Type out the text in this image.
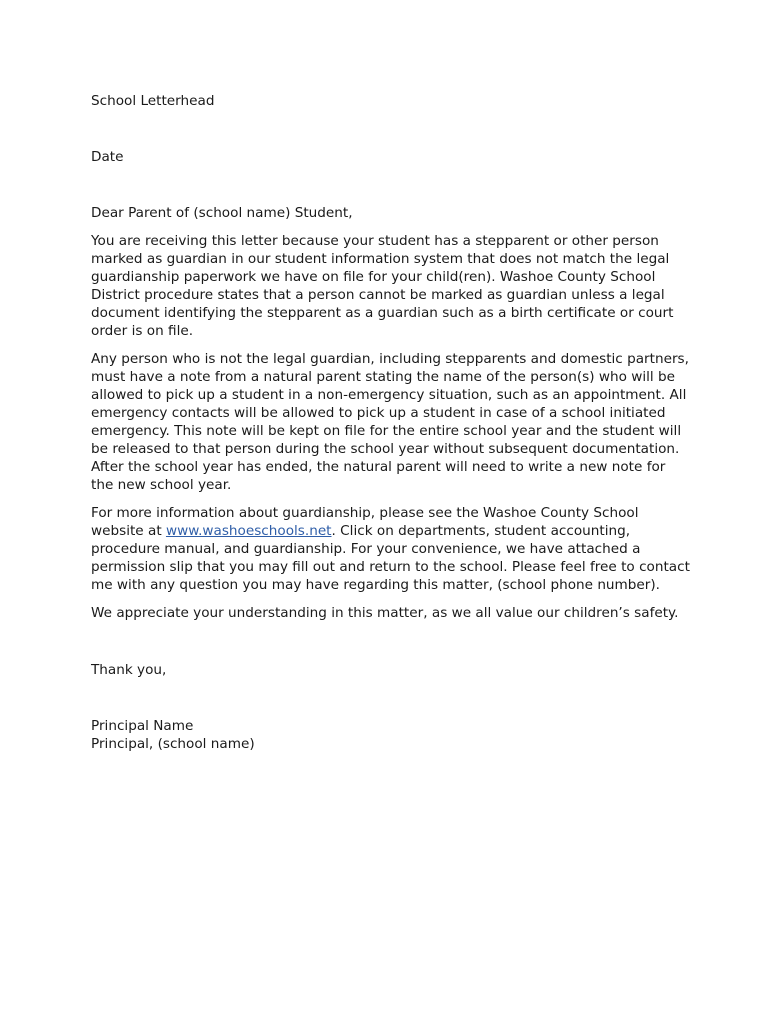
School Letterhead

Date

Dear Parent of (school name) Student,

You are receiving this letter because your student has a stepparent or other person marked as guardian in our student information system that does not match the legal guardianship paperwork we have on file for your child(ren). Washoe County School District procedure states that a person cannot be marked as guardian unless a legal document identifying the stepparent as a guardian such as a birth certificate or court order is on file.

Any person who is not the legal guardian, including stepparents and domestic partners, must have a note from a natural parent stating the name of the person(s) who will be allowed to pick up a student in a non-emergency situation, such as an appointment. All emergency contacts will be allowed to pick up a student in case of a school initiated emergency. This note will be kept on file for the entire school year and the student will be released to that person during the school year without subsequent documentation. After the school year has ended, the natural parent will need to write a new note for the new school year.

For more information about guardianship, please see the Washoe County School website at www.washoeschools.net. Click on departments, student accounting, procedure manual, and guardianship. For your convenience, we have attached a permission slip that you may fill out and return to the school. Please feel free to contact me with any question you may have regarding this matter, (school phone number).

We appreciate your understanding in this matter, as we all value our children’s safety.

Thank you,

Principal Name

Principal, (school name)
